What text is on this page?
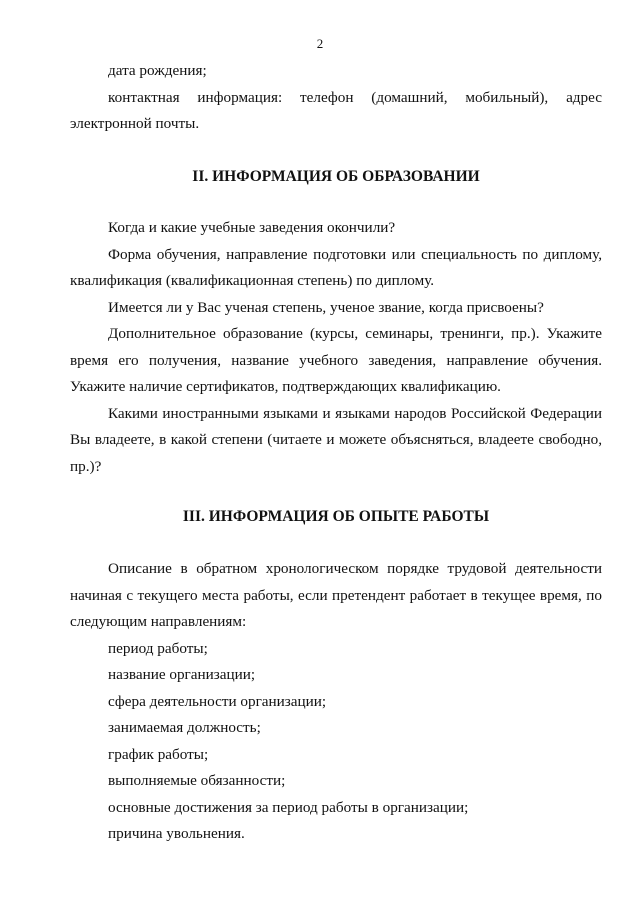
2

дата рождения;

контактная информация: телефон (домашний, мобильный), адрес электронной почты.

II. ИНФОРМАЦИЯ ОБ ОБРАЗОВАНИИ

Когда и какие учебные заведения окончили?

Форма обучения, направление подготовки или специальность по диплому, квалификация (квалификационная степень) по диплому.

Имеется ли у Вас ученая степень, ученое звание, когда присвоены?

Дополнительное образование (курсы, семинары, тренинги, пр.). Укажите время его получения, название учебного заведения, направление обучения. Укажите наличие сертификатов, подтверждающих квалификацию.

Какими иностранными языками и языками народов Российской Федерации Вы владеете, в какой степени (читаете и можете объясняться, владеете свободно, пр.)?

III. ИНФОРМАЦИЯ ОБ ОПЫТЕ РАБОТЫ

Описание в обратном хронологическом порядке трудовой деятельности начиная с текущего места работы, если претендент работает в текущее время, по следующим направлениям:

период работы;

название организации;

сфера деятельности организации;

занимаемая должность;

график работы;

выполняемые обязанности;

основные достижения за период работы в организации;

причина увольнения.
